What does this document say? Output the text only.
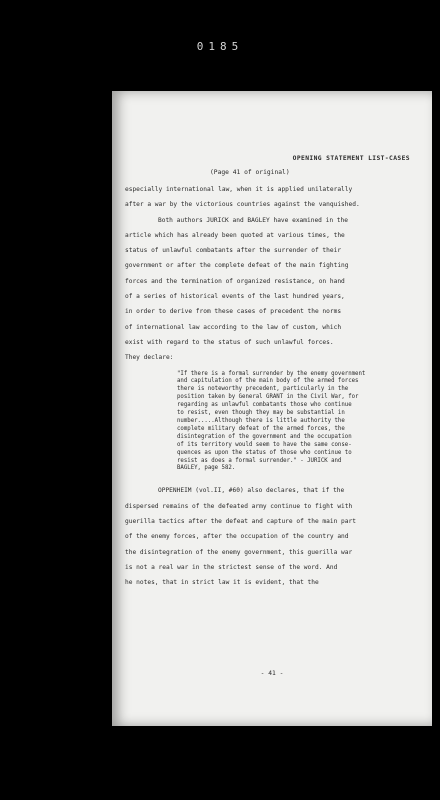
0185
OPENING STATEMENT LIST-CASES
(Page 41 of original)
especially international law, when it is applied unilaterally
after a war by the victorious countries against the vanquished.
Both authors JURICK and BAGLEY have examined in the
article which has already been quoted at various times, the
status of unlawful combatants after the surrender of their
government or after the complete defeat of the main fighting
forces and the termination of organized resistance, on hand
of a series of historical events of the last hundred years,
in order to derive from these cases of precedent the norms
of international law according to the law of custom, which
exist with regard to the status of such unlawful forces.
They declare:
"If there is a formal surrender by the enemy government
and capitulation of the main body of the armed forces
there is noteworthy precedent, particularly in the
position taken by General GRANT in the Civil War, for
regarding as unlawful combatants those who continue
to resist, even though they may be substantial in
number.....Although there is little authority the
complete military defeat of the armed forces, the
disintegration of the government and the occupation
of its territory would seem to have the same conse-
quences as upon the status of those who continue to
resist as does a formal surrender." - JURICK and
BAGLEY, page 582.
OPPENHEIM (vol.II, #60) also declares, that if the
dispersed remains of the defeated army continue to fight with
guerilla tactics after the defeat and capture of the main part
of the enemy forces, after the occupation of the country and
the disintegration of the enemy government, this guerilla war
is not a real war in the strictest sense of the word. And
he notes, that in strict law it is evident, that the
- 41 -
